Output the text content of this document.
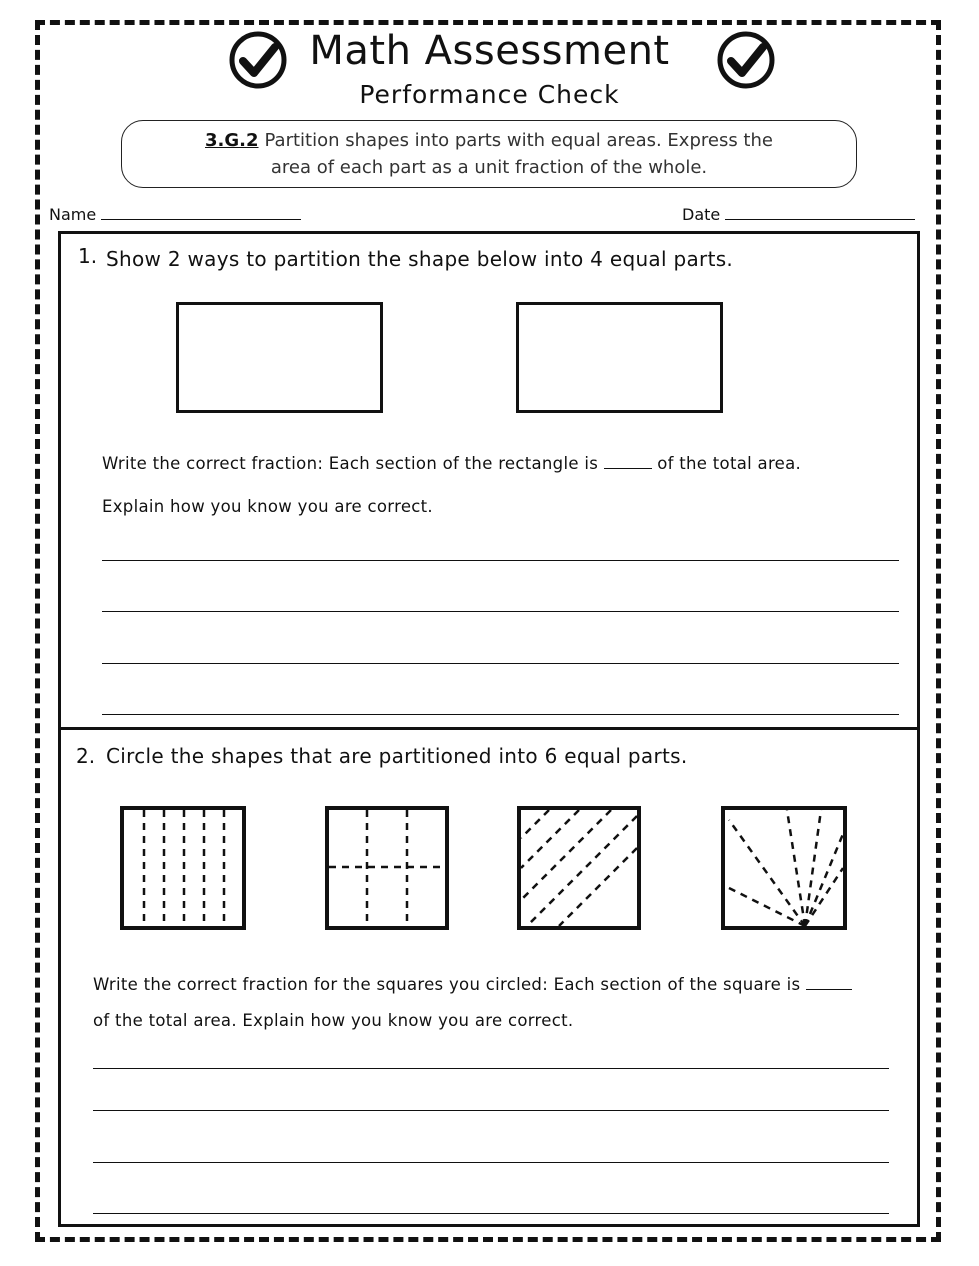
Math Assessment
Performance Check
3.G.2 Partition shapes into parts with equal areas. Express the
area of each part as a unit fraction of the whole.
Name	Date
1. Show 2 ways to partition the shape below into 4 equal parts.
Write the correct fraction: Each section of the rectangle is	of the total area.
Explain how you know you are correct.
2. Circle the shapes that are partitioned into 6 equal parts.
Write the correct fraction for the squares you circled: Each section of the square is
of the total area. Explain how you know you are correct.
